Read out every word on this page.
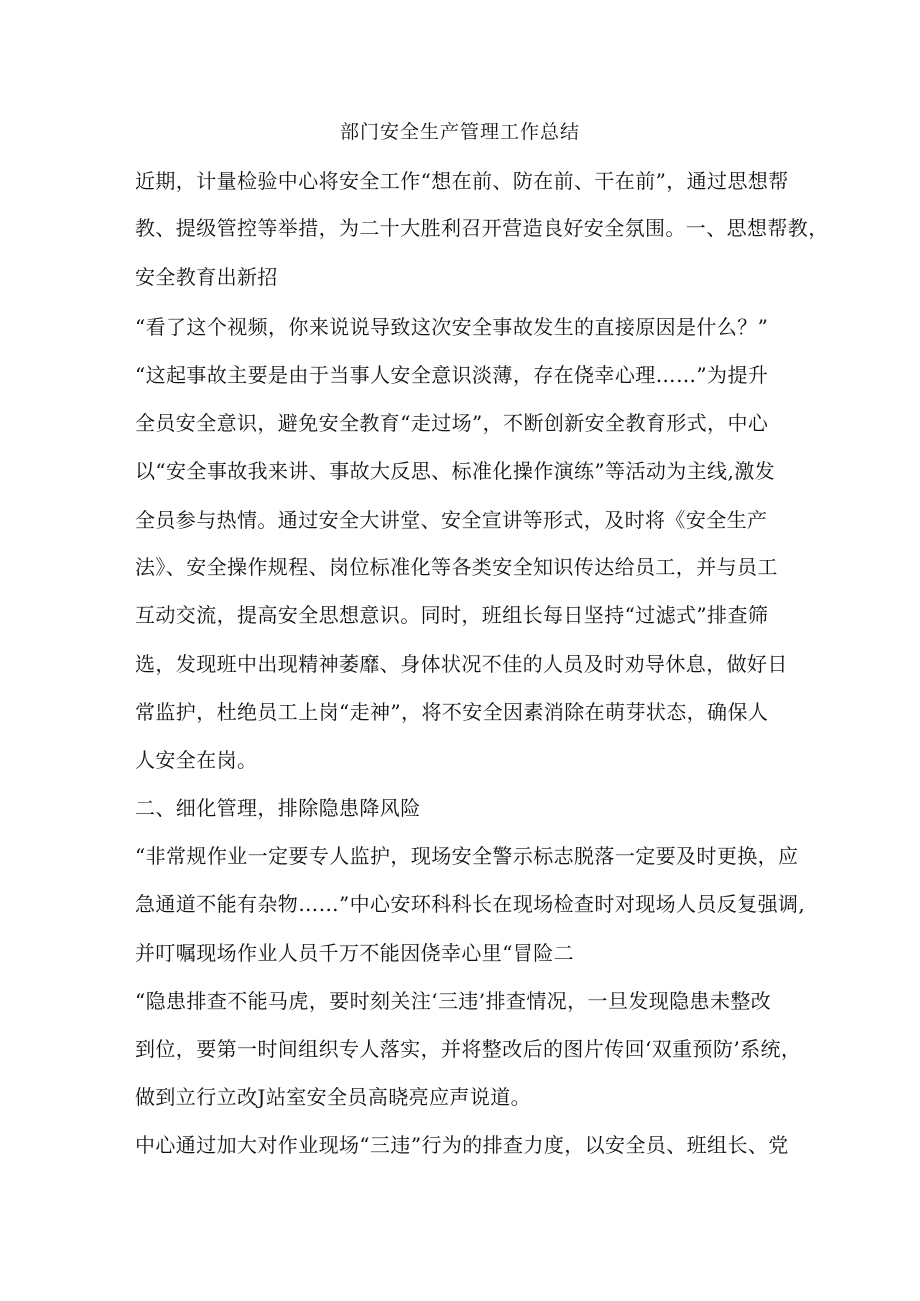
部门安全生产管理工作总结
近期，计量检验中心将安全工作“想在前、防在前、干在前”，通过思想帮
教、提级管控等举措，为二十大胜利召开营造良好安全氛围。一、思想帮教，
安全教育出新招
“看了这个视频，你来说说导致这次安全事故发生的直接原因是什么？”
“这起事故主要是由于当事人安全意识淡薄，存在侥幸心理……”为提升
全员安全意识，避免安全教育“走过场”，不断创新安全教育形式，中心
以“安全事故我来讲、事故大反思、标准化操作演练”等活动为主线,激发
全员参与热情。通过安全大讲堂、安全宣讲等形式，及时将《安全生产
法》、安全操作规程、岗位标准化等各类安全知识传达给员工，并与员工
互动交流，提高安全思想意识。同时，班组长每日坚持“过滤式”排查筛
选，发现班中出现精神萎靡、身体状况不佳的人员及时劝导休息，做好日
常监护，杜绝员工上岗“走神”，将不安全因素消除在萌芽状态，确保人
人安全在岗。
二、细化管理，排除隐患降风险
“非常规作业一定要专人监护，现场安全警示标志脱落一定要及时更换，应
急通道不能有杂物……”中心安环科科长在现场检查时对现场人员反复强调,
并叮嘱现场作业人员千万不能因侥幸心里“冒险二
“隐患排查不能马虎，要时刻关注‘三违’排查情况，一旦发现隐患未整改
到位，要第一时间组织专人落实，并将整改后的图片传回‘双重预防’系统，
做到立行立改J站室安全员高晓亮应声说道。
中心通过加大对作业现场“三违”行为的排查力度，以安全员、班组长、党
